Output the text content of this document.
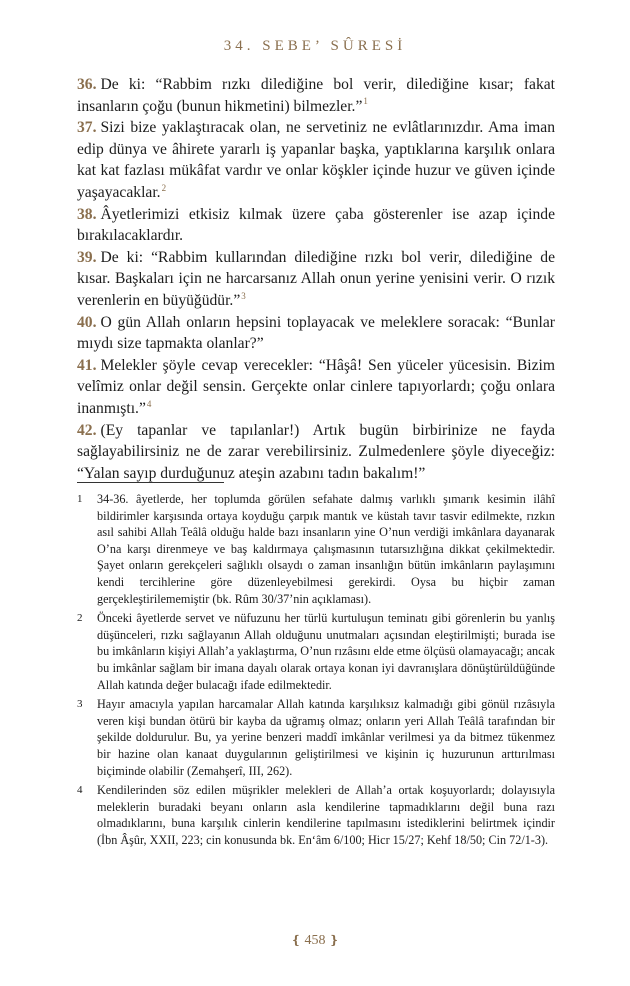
34. SEBE’ SÛRESİ

36. De ki: “Rabbim rızkı dilediğine bol verir, dilediğine kısar; fakat insanların çoğu (bunun hikmetini) bilmezler.”$^1$

37. Sizi bize yaklaştıracak olan, ne servetiniz ne evlâtlarınızdır. Ama iman edip dünya ve âhirete yararlı iş yapanlar başka, yaptıklarına karşılık onlara kat kat fazlası mükâfat vardır ve onlar köşkler içinde huzur ve güven içinde yaşayacaklar.$^2$

38. Âyetlerimizi etkisiz kılmak üzere çaba gösterenler ise azap içinde bırakılacaklardır.

39. De ki: “Rabbim kullarından dilediğine rızkı bol verir, dilediğine de kısar. Başkaları için ne harcarsanız Allah onun yerine yenisini verir. O rızık verenlerin en büyüğüdür.”$^3$

40. O gün Allah onların hepsini toplayacak ve meleklere soracak: “Bunlar mıydı size tapmakta olanlar?”

41. Melekler şöyle cevap verecekler: “Hâşâ! Sen yüceler yücesisin. Bizim velîmiz onlar değil sensin. Gerçekte onlar cinlere tapıyorlardı; çoğu onlara inanmıştı.”$^4$

42. (Ey tapanlar ve tapılanlar!) Artık bugün birbirinize ne fayda sağlayabilirsiniz ne de zarar verebilirsiniz. Zulmedenlere şöyle diyeceğiz: “Yalan sayıp durduğunuz ateşin azabını tadın bakalım!”

1	34-36. âyetlerde, her toplumda görülen sefahate dalmış varlıklı şımarık kesimin ilâhî bildirimler karşısında ortaya koyduğu çarpık mantık ve küstah tavır tasvir edilmekte, rızkın asıl sahibi Allah Teâlâ olduğu halde bazı insanların yine O’nun verdiği imkânlara dayanarak O’na karşı direnmeye ve baş kaldırmaya çalışmasının tutarsızlığına dikkat çekilmektedir. Şayet onların gerekçeleri sağlıklı olsaydı o zaman insanlığın bütün imkânların paylaşımını kendi tercihlerine göre düzenleyebilmesi gerekirdi. Oysa bu hiçbir zaman gerçekleştirilememiştir (bk. Rûm 30/37’nin açıklaması).
2	Önceki âyetlerde servet ve nüfuzunu her türlü kurtuluşun teminatı gibi görenlerin bu yanlış düşünceleri, rızkı sağlayanın Allah olduğunu unutmaları açısından eleştirilmişti; burada ise bu imkânların kişiyi Allah’a yaklaştırma, O’nun rızâsını elde etme ölçüsü olamayacağı; ancak bu imkânlar sağlam bir imana dayalı olarak ortaya konan iyi davranışlara dönüştürüldüğünde Allah katında değer bulacağı ifade edilmektedir.
3	Hayır amacıyla yapılan harcamalar Allah katında karşılıksız kalmadığı gibi gönül rızâsıyla veren kişi bundan ötürü bir kayba da uğramış olmaz; onların yeri Allah Teâlâ tarafından bir şekilde doldurulur. Bu, ya yerine benzeri maddî imkânlar verilmesi ya da bitmez tükenmez bir hazine olan kanaat duygularının geliştirilmesi ve kişinin iç huzurunun arttırılması biçiminde olabilir (Zemahşerî, III, 262).
4	Kendilerinden söz edilen müşrikler melekleri de Allah’a ortak koşuyorlardı; dolayısıyla meleklerin buradaki beyanı onların asla kendilerine tapmadıklarını değil buna razı olmadıklarını, buna karşılık cinlerin kendilerine tapılmasını istediklerini belirtmek içindir (İbn Âşûr, XXII, 223; cin konusunda bk. En‘âm 6/100; Hicr 15/27; Kehf 18/50; Cin 72/1-3).
❴ 458 ❵
